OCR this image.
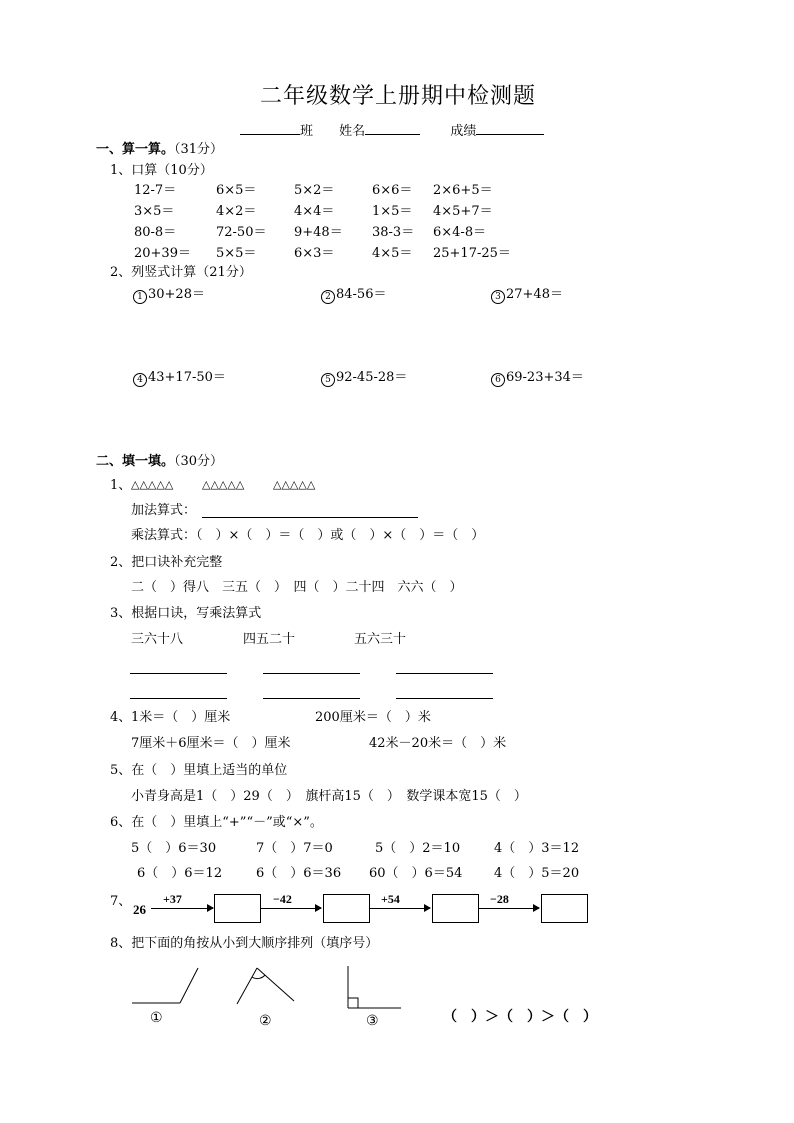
二年级数学上册期中检测题
班 姓名	成绩
一、算一算。（31分）
1、口算（10分）
12-7＝	6×5＝	5×2＝	6×6＝ 2×6+5＝
3×5＝	4×2＝	4×4＝	1×5＝ 4×5+7＝
80-8＝	72-50＝ 9+48＝ 38-3＝ 6×4-8＝
20+39＝ 5×5＝	6×3＝	4×5＝ 25+17-25＝
2、列竖式计算（21分）
1 30+28＝	2 84-56＝	3 27+48＝
4 43+17-50＝	5 92-45-28＝	6 69-23+34＝
二、填一填。（30分）
1、 △△△△△	△△△△△	△△△△△
加法算式：
乘法算式：（　）×（　）＝（　）或（　）×（　）＝（　）
2、把口诀补充完整
二（　）得八　三五（　）　四（　）二十四　六六（　）
3、根据口诀，写乘法算式
三六十八	四五二十	五六三十
4、 1米＝（　）厘米	200厘米＝（　）米
7厘米＋6厘米＝（　）厘米	42米－20米＝（　）米
5、在（　）里填上适当的单位
小青身高是1（　）29（　）　旗杆高15（　）　数学课本宽15（　）
6、在（　）里填上“+”“－”或“×”。
5（　）6＝30	7（　）7＝0	5（　）2＝10	4（　）3＝12
6（　）6＝12	6（　）6＝36 60（　）6＝54 4（　）5＝20
7、
26
+37	−42	+54	−28
8、把下面的角按从小到大顺序排列（填序号）
①	②	③	（　）＞（　）＞（　）
